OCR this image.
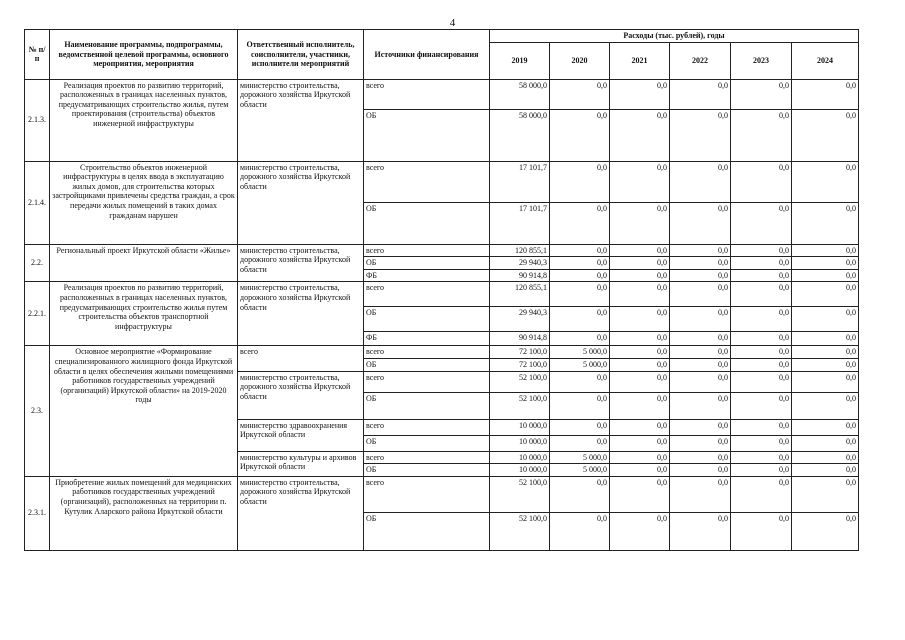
4
№ п/п	Наименование программы, подпрограммы, ведомственной целевой программы, основного мероприятия, мероприятия	Ответственный исполнитель, соисполнители, участники, исполнители мероприятий	Источники финансирования	Расходы (тыс. рублей), годы					
				2019	2020	2021	2022	2023	2024
2.1.3.	Реализация проектов по развитию территорий, расположенных в границах населенных пунктов, предусматривающих строительство жилья, путем проектирования (строительства) объектов инженерной инфраструктуры	министерство строительства, дорожного хозяйства Иркутской области	всего	58 000,0	0,0	0,0	0,0	0,0	0,0
			ОБ	58 000,0	0,0	0,0	0,0	0,0	0,0
2.1.4.	Строительство объектов инженерной инфраструктуры в целях ввода в эксплуатацию жилых домов, для строительства которых застройщиками привлечены средства граждан, а срок передачи жилых помещений в таких домах гражданам нарушен	министерство строительства, дорожного хозяйства Иркутской области	всего	17 101,7	0,0	0,0	0,0	0,0	0,0
			ОБ	17 101,7	0,0	0,0	0,0	0,0	0,0
2.2.	Региональный проект Иркутской области «Жилье»	министерство строительства, дорожного хозяйства Иркутской области	всего	120 855,1	0,0	0,0	0,0	0,0	0,0
			ОБ	29 940,3	0,0	0,0	0,0	0,0	0,0
			ФБ	90 914,8	0,0	0,0	0,0	0,0	0,0
2.2.1.	Реализация проектов по развитию территорий, расположенных в границах населенных пунктов, предусматривающих строительство жилья путем строительства объектов транспортной инфраструктуры	министерство строительства, дорожного хозяйства Иркутской области	всего	120 855,1	0,0	0,0	0,0	0,0	0,0
			ОБ	29 940,3	0,0	0,0	0,0	0,0	0,0
			ФБ	90 914,8	0,0	0,0	0,0	0,0	0,0
2.3.	Основное мероприятие «Формирование специализированного жилищного фонда Иркутской области в целях обеспечения жилыми помещениями работников государственных учреждений (организаций) Иркутской области» на 2019-2020 годы	всего	всего	72 100,0	5 000,0	0,0	0,0	0,0	0,0
			ОБ	72 100,0	5 000,0	0,0	0,0	0,0	0,0
		министерство строительства, дорожного хозяйства Иркутской области	всего	52 100,0	0,0	0,0	0,0	0,0	0,0
			ОБ	52 100,0	0,0	0,0	0,0	0,0	0,0
		министерство здравоохранения Иркутской области	всего	10 000,0	0,0	0,0	0,0	0,0	0,0
			ОБ	10 000,0	0,0	0,0	0,0	0,0	0,0
		министерство культуры и архивов Иркутской области	всего	10 000,0	5 000,0	0,0	0,0	0,0	0,0
			ОБ	10 000,0	5 000,0	0,0	0,0	0,0	0,0
2.3.1.	Приобретение жилых помещений для медицинских работников государственных учреждений (организаций), расположенных на территории п. Кутулик Аларского района Иркутской области	министерство строительства, дорожного хозяйства Иркутской области	всего	52 100,0	0,0	0,0	0,0	0,0	0,0
			ОБ	52 100,0	0,0	0,0	0,0	0,0	0,0
